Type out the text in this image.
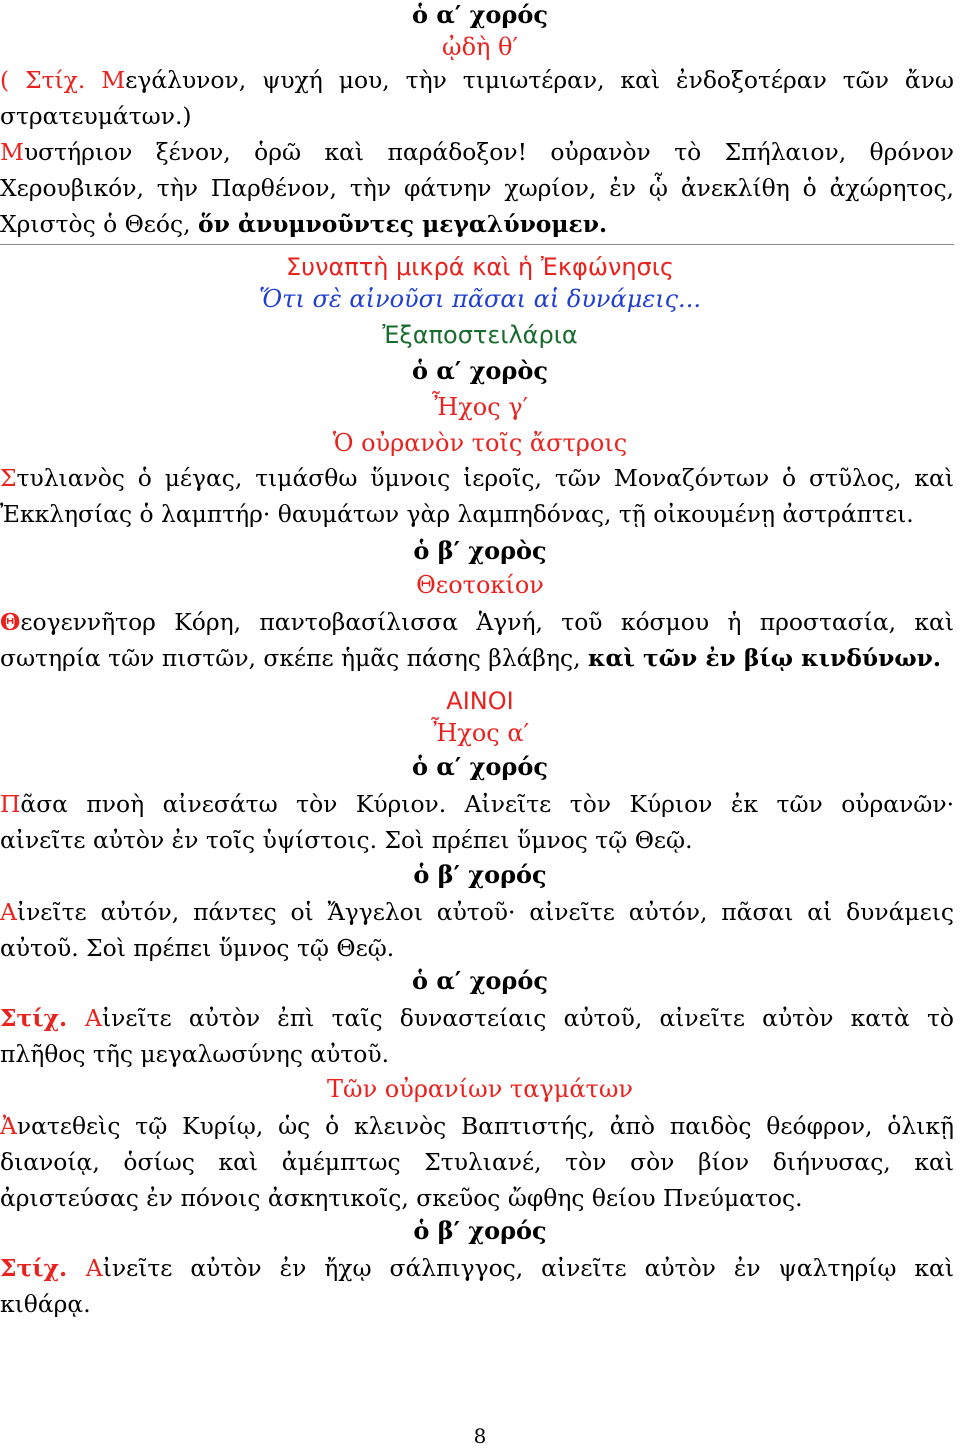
ὁ α′ χορός
ᾠδὴ θ′
( Στίχ. Μεγάλυνον, ψυχή μου, τὴν τιμιωτέραν, καὶ ἐνδοξοτέραν τῶν ἄνω
στρατευμάτων.)
Μυστήριον ξένον, ὁρῶ καὶ παράδοξον! οὐρανὸν τὸ Σπήλαιον, θρόνον
Χερουβικόν, τὴν Παρθένον, τὴν φάτνην χωρίον, ἐν ᾧ ἀνεκλίθη ὁ ἀχώρητος,
Χριστὸς ὁ Θεός, ὅν ἀνυμνοῦντες μεγαλύνομεν.
Συναπτὴ μικρά καὶ ἡ Ἐκφώνησις
Ὅτι σὲ αἰνοῦσι πᾶσαι αἱ δυνάμεις...
Ἐξαποστειλάρια
ὁ α′ χορὸς
Ἦχος γ′
Ὁ οὐρανὸν τοῖς ἄστροις
Στυλιανὸς ὁ μέγας, τιμάσθω ὕμνοις ἱεροῖς, τῶν Μοναζόντων ὁ στῦλος, καὶ
Ἐκκλησίας ὁ λαμπτήρ· θαυμάτων γὰρ λαμπηδόνας, τῇ οἰκουμένῃ ἀστράπτει.
ὁ β′ χορὸς
Θεοτοκίον
Θεογεννῆτορ Κόρη, παντοβασίλισσα Ἁγνή, τοῦ κόσμου ἡ προστασία, καὶ
σωτηρία τῶν πιστῶν, σκέπε ἡμᾶς πάσης βλάβης, καὶ τῶν ἐν βίῳ κινδύνων.
ΑΙΝΟΙ
Ἦχος α′
ὁ α′ χορός
Πᾶσα πνοὴ αἰνεσάτω τὸν Κύριον. Αἰνεῖτε τὸν Κύριον ἐκ τῶν οὐρανῶν·
αἰνεῖτε αὐτὸν ἐν τοῖς ὑψίστοις. Σοὶ πρέπει ὕμνος τῷ Θεῷ.
ὁ β′ χορός
Αἰνεῖτε αὐτόν, πάντες οἱ Ἄγγελοι αὐτοῦ· αἰνεῖτε αὐτόν, πᾶσαι αἱ δυνάμεις
αὐτοῦ. Σοὶ πρέπει ὕμνος τῷ Θεῷ.
ὁ α′ χορός
Στίχ. Αἰνεῖτε αὐτὸν ἐπὶ ταῖς δυναστείαις αὐτοῦ, αἰνεῖτε αὐτὸν κατὰ τὸ
πλῆθος τῆς μεγαλωσύνης αὐτοῦ.
Τῶν οὐρανίων ταγμάτων
Ἀνατεθεὶς τῷ Κυρίῳ, ὡς ὁ κλεινὸς Βαπτιστής, ἀπὸ παιδὸς θεόφρον, ὁλικῇ
διανοίᾳ, ὁσίως καὶ ἀμέμπτως Στυλιανέ, τὸν σὸν βίον διήνυσας, καὶ
ἀριστεύσας ἐν πόνοις ἀσκητικοῖς, σκεῦος ὤφθης θείου Πνεύματος.
ὁ β′ χορός
Στίχ. Αἰνεῖτε αὐτὸν ἐν ἤχῳ σάλπιγγος, αἰνεῖτε αὐτὸν ἐν ψαλτηρίῳ καὶ
κιθάρᾳ.
8
